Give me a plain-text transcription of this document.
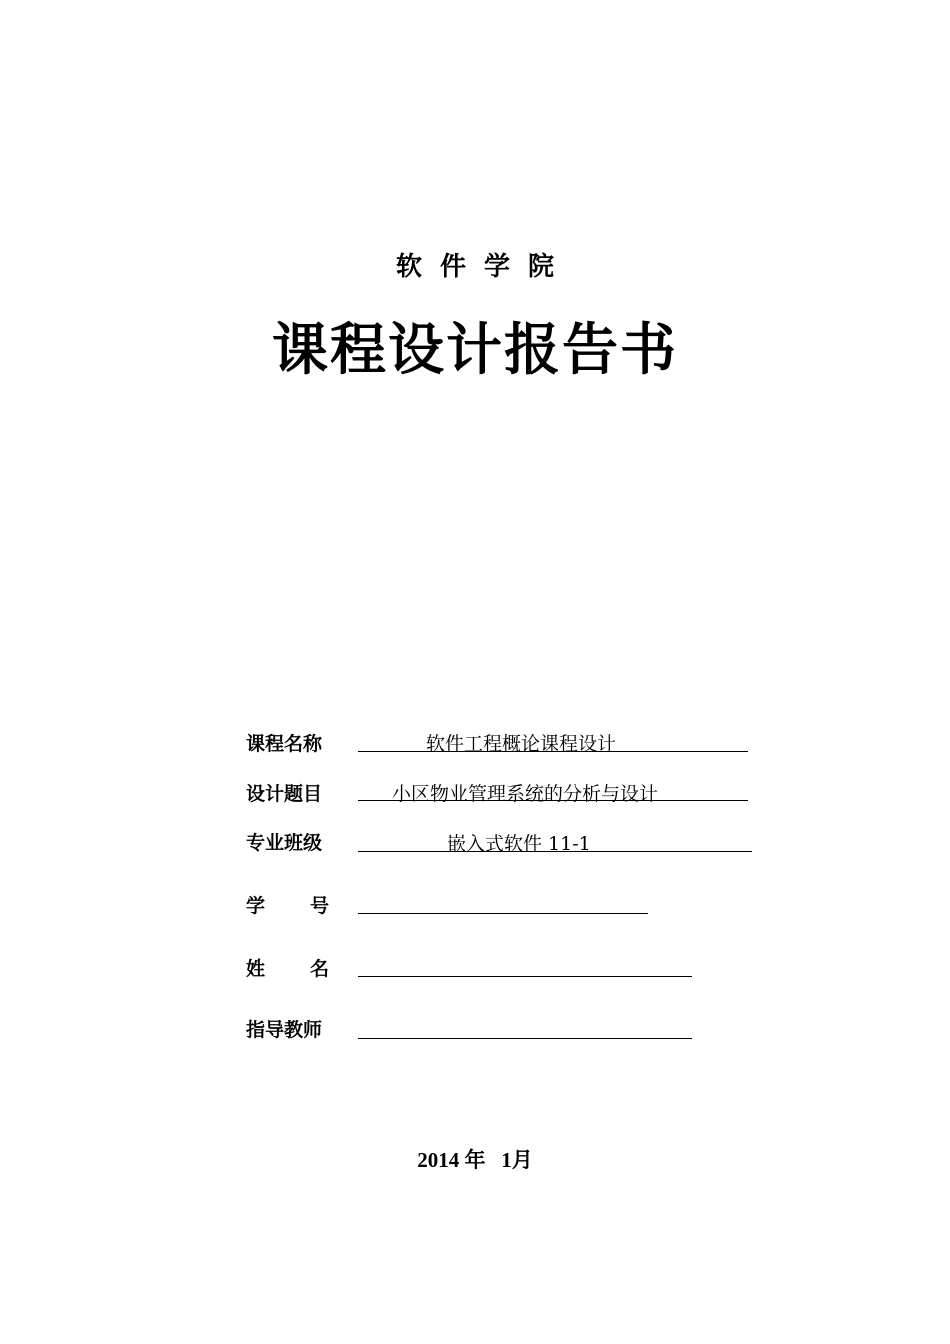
软件学院
课程设计报告书
课程名称	软件工程概论课程设计
设计题目	小区物业管理系统的分析与设计
专业班级	嵌入式软件 11-1
学号
姓名
指导教师
2014 年 1月
